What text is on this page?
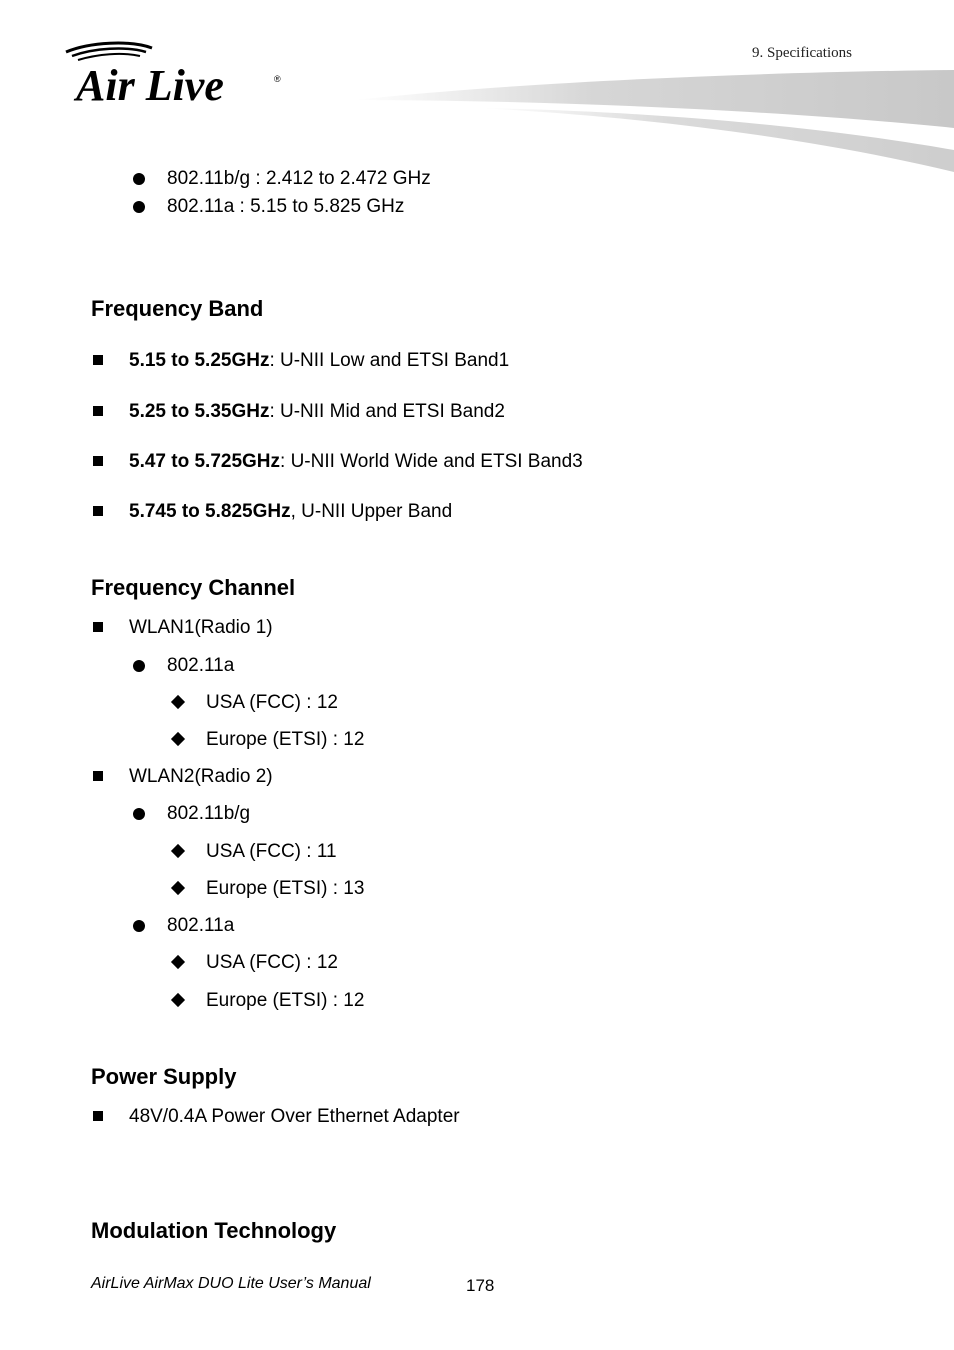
Air Live	®
9. Specifications
802.11b/g : 2.412 to 2.472 GHz
802.11a : 5.15 to 5.825 GHz
Frequency Band
5.15 to 5.25GHz: U-NII Low and ETSI Band1
5.25 to 5.35GHz: U-NII Mid and ETSI Band2
5.47 to 5.725GHz: U-NII World Wide and ETSI Band3
5.745 to 5.825GHz, U-NII Upper Band
Frequency Channel
WLAN1(Radio 1)
802.11a
USA (FCC) : 12
Europe (ETSI) : 12
WLAN2(Radio 2)
802.11b/g
USA (FCC) : 11
Europe (ETSI) : 13
802.11a
USA (FCC) : 12
Europe (ETSI) : 12
Power Supply
48V/0.4A Power Over Ethernet Adapter
Modulation Technology
AirLive AirMax DUO Lite User’s Manual	178
